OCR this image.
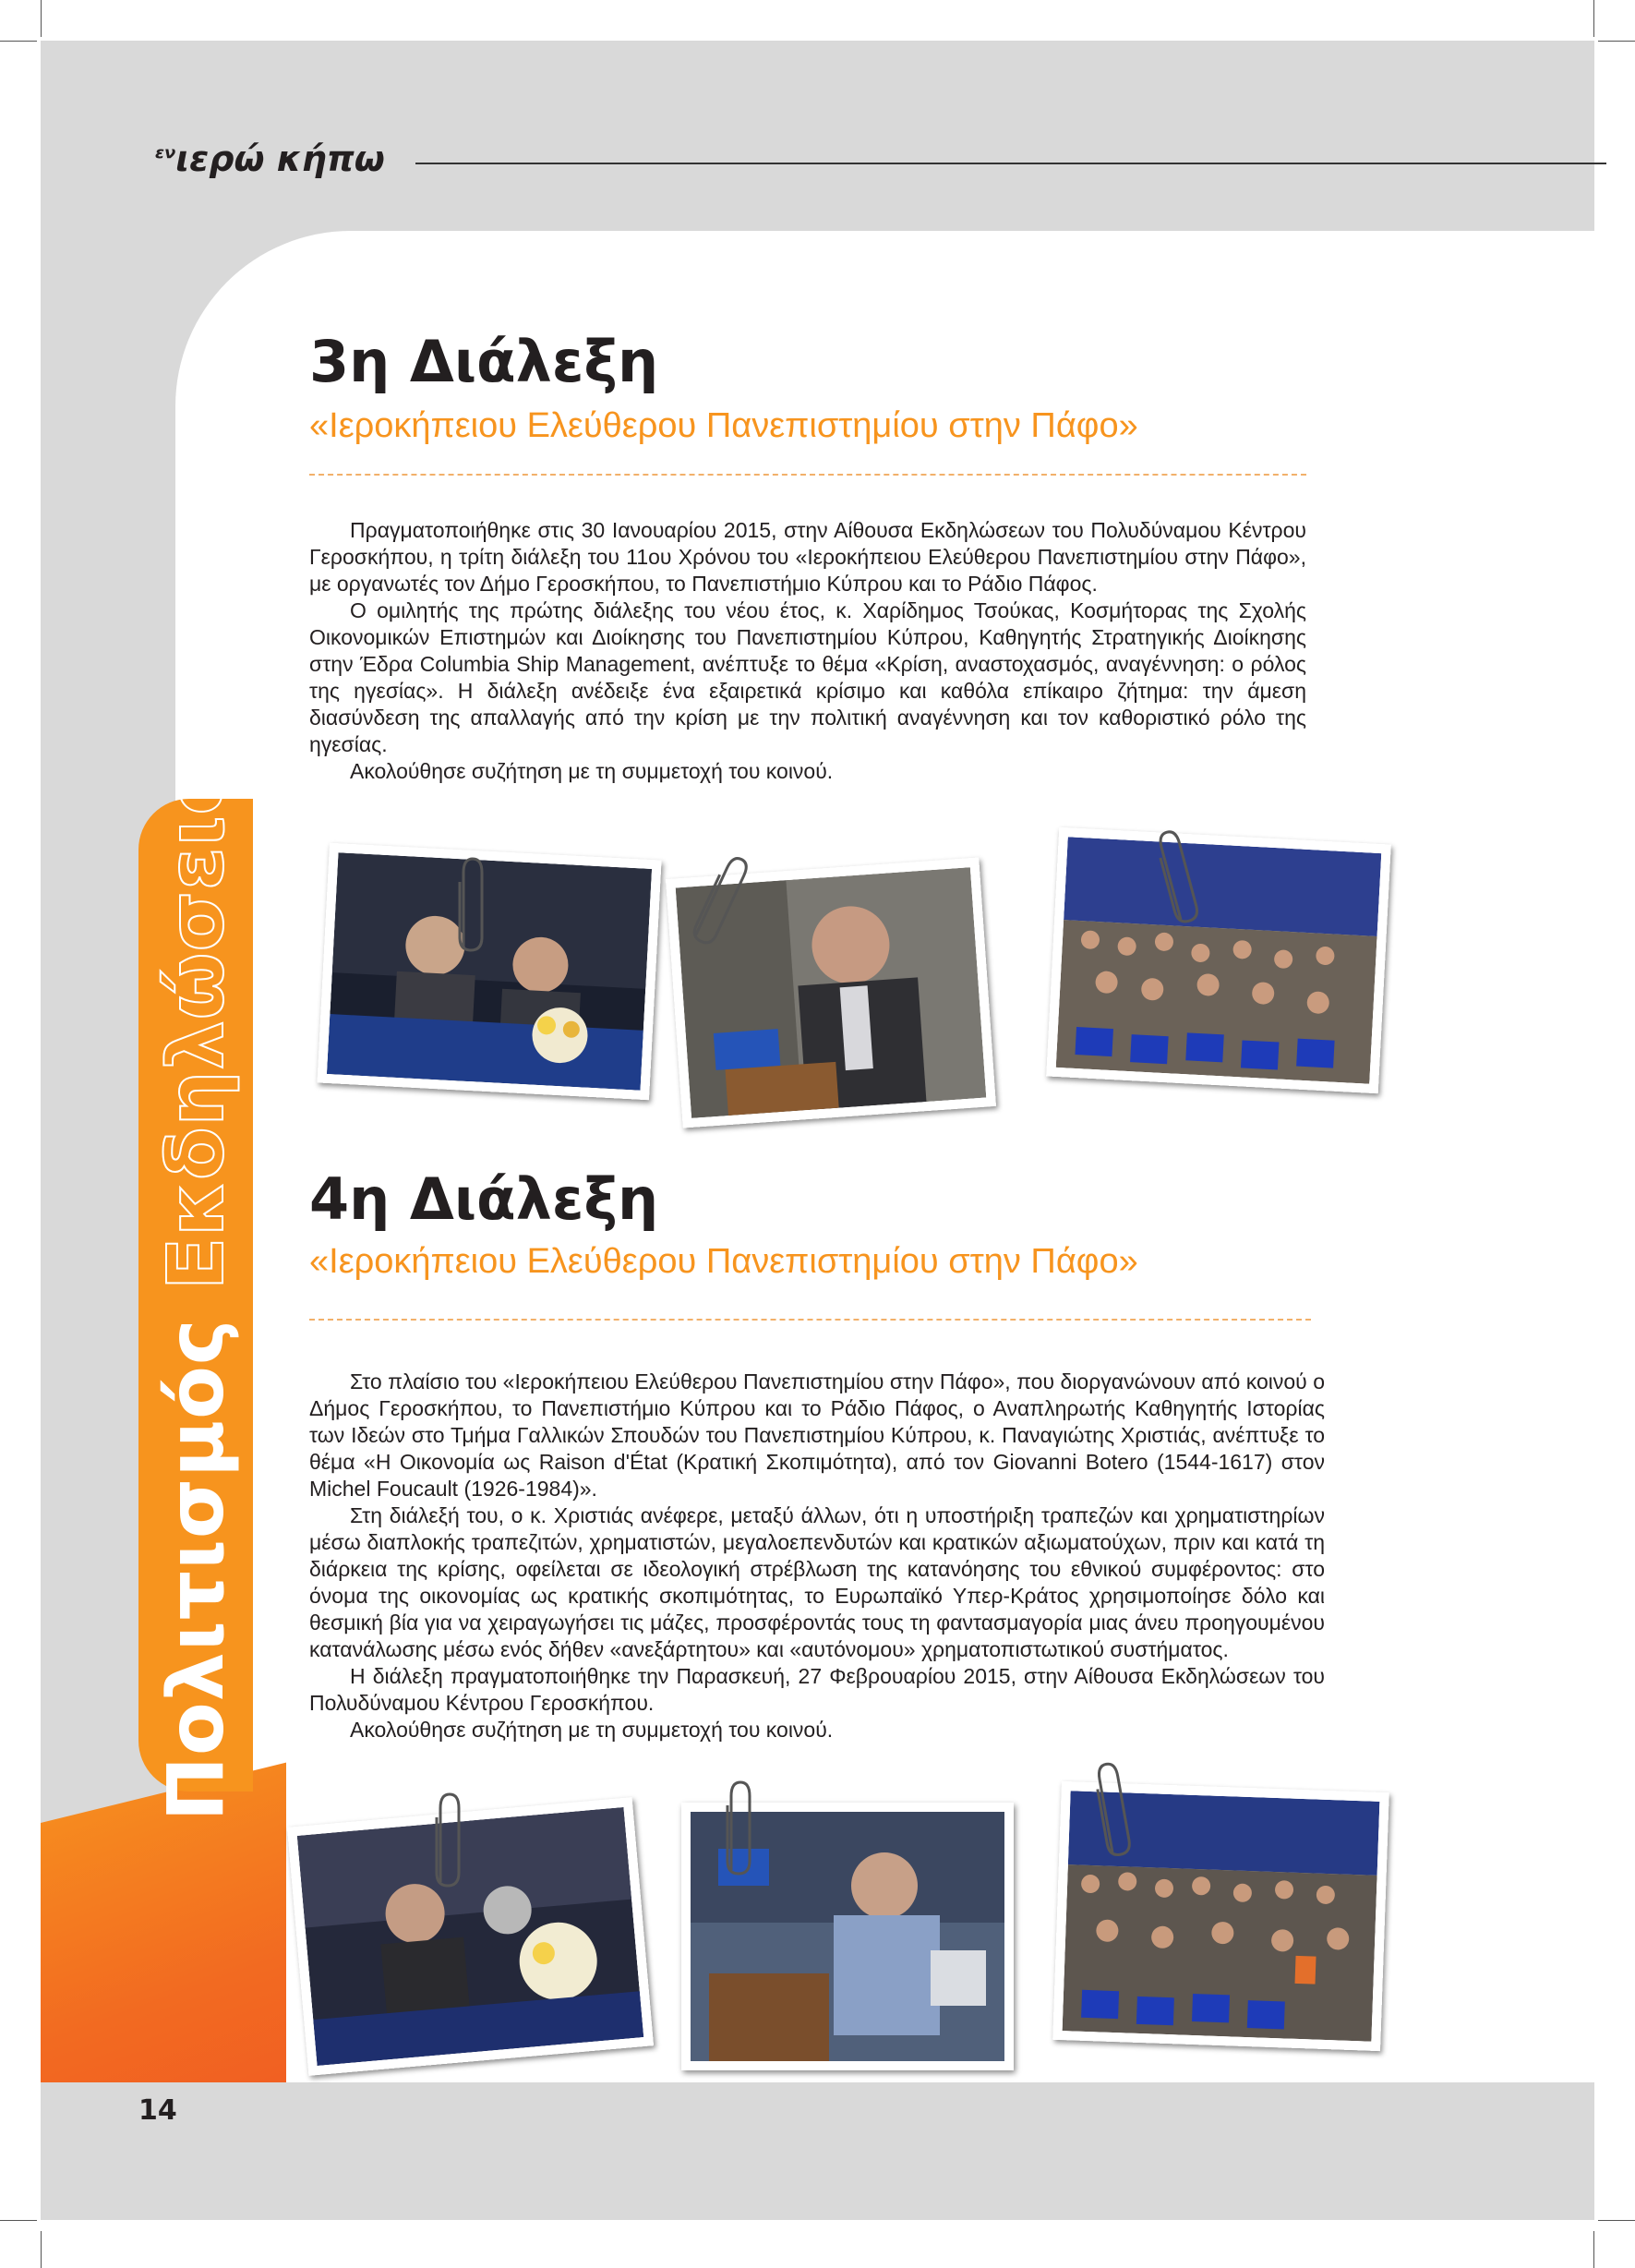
$^{\varepsilon\nu}$ιερώ κήπω
Πολιτισμός Εκδηλώσεις
3η Διάλεξη
«Ιεροκήπειου Ελεύθερου Πανεπιστημίου στην Πάφο»

Πραγματοποιήθηκε στις 30 Ιανουαρίου 2015, στην Αίθουσα Εκδηλώσεων του Πολυδύναμου Κέντρου Γεροσκήπου, η τρίτη διάλεξη του 11ου Χρόνου του «Ιεροκήπειου Ελεύθερου Πανεπιστημίου στην Πάφο», με οργανωτές τον Δήμο Γεροσκήπου, το Πανεπιστήμιο Κύπρου και το Ράδιο Πάφος.

Ο ομιλητής της πρώτης διάλεξης του νέου έτος, κ. Χαρίδημος Τσούκας, Κοσμήτορας της Σχολής Οικονομικών Επιστημών και Διοίκησης του Πανεπιστημίου Κύπρου, Καθηγητής Στρατηγικής Διοίκησης στην Έδρα Columbia Ship Management, ανέπτυξε το θέμα «Κρίση, αναστοχασμός, αναγέννηση: ο ρόλος της ηγεσίας». Η διάλεξη ανέδειξε ένα εξαιρετικά κρίσιμο και καθόλα επίκαιρο ζήτημα: την άμεση διασύνδεση της απαλλαγής από την κρίση με την πολιτική αναγέννηση και τον καθοριστικό ρόλο της ηγεσίας.

Ακολούθησε συζήτηση με τη συμμετοχή του κοινού.

4η Διάλεξη
«Ιεροκήπειου Ελεύθερου Πανεπιστημίου στην Πάφο»

Στο πλαίσιο του «Ιεροκήπειου Ελεύθερου Πανεπιστημίου στην Πάφο», που διοργανώνουν από κοινού ο Δήμος Γεροσκήπου, το Πανεπιστήμιο Κύπρου και το Ράδιο Πάφος, ο Αναπληρωτής Καθηγητής Ιστορίας των Ιδεών στο Τμήμα Γαλλικών Σπουδών του Πανεπιστημίου Κύπρου, κ. Παναγιώτης Χριστιάς, ανέπτυξε το θέμα «Η Οικονομία ως Raison d'État (Κρατική Σκοπιμότητα), από τον Giovanni Botero (1544-1617) στον Michel Foucault (1926-1984)».

Στη διάλεξή του, ο κ. Χριστιάς ανέφερε, μεταξύ άλλων, ότι η υποστήριξη τραπεζών και χρηματιστηρίων μέσω διαπλοκής τραπεζιτών, χρηματιστών, μεγαλοεπενδυτών και κρατικών αξιωματούχων, πριν και κατά τη διάρκεια της κρίσης, οφείλεται σε ιδεολογική στρέβλωση της κατανόησης του εθνικού συμφέροντος: στο όνομα της οικονομίας ως κρατικής σκοπιμότητας, το Ευρωπαϊκό Υπερ-Κράτος χρησιμοποίησε δόλο και θεσμική βία για να χειραγωγήσει τις μάζες, προσφέροντάς τους τη φαντασμαγορία μιας άνευ προηγουμένου κατανάλωσης μέσω ενός δήθεν «ανεξάρτητου» και «αυτόνομου» χρηματοπιστωτικού συστήματος.

Η διάλεξη πραγματοποιήθηκε την Παρασκευή, 27 Φεβρουαρίου 2015, στην Αίθουσα Εκδηλώσεων του Πολυδύναμου Κέντρου Γεροσκήπου.

Ακολούθησε συζήτηση με τη συμμετοχή του κοινού.

14
